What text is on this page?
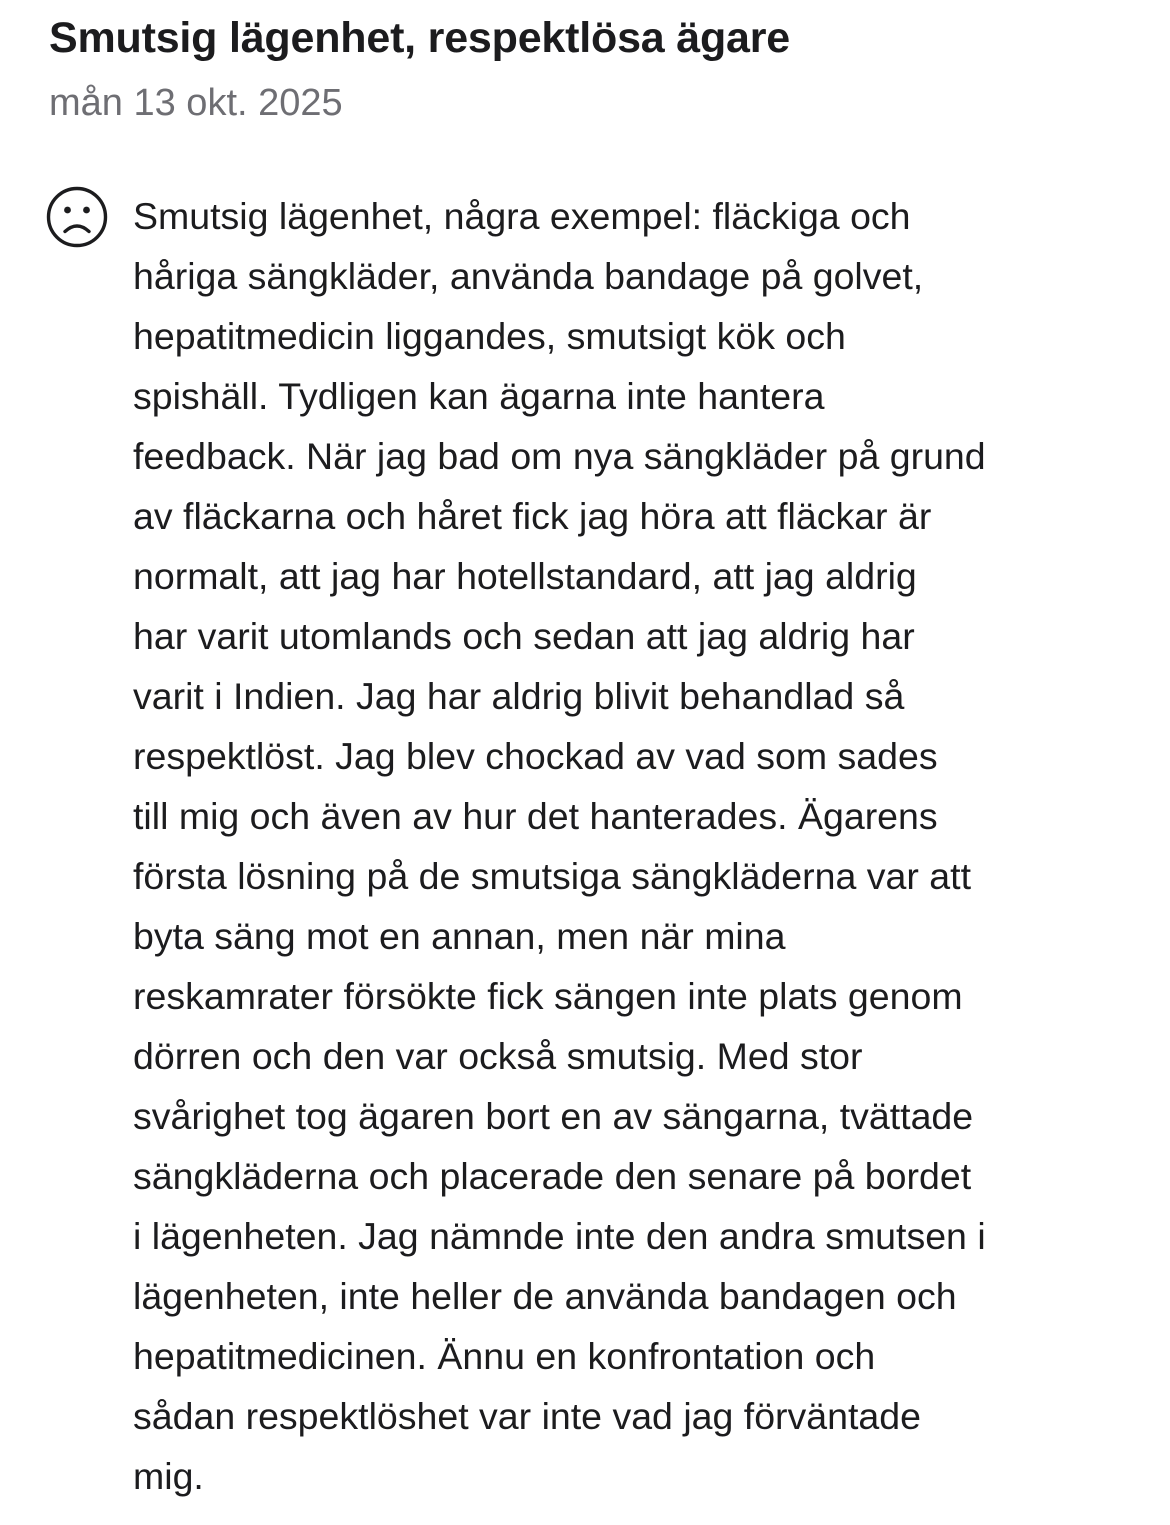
Smutsig lägenhet, respektlösa ägare
mån 13 okt. 2025
Smutsig lägenhet, några exempel: fläckiga och
håriga sängkläder, använda bandage på golvet,
hepatitmedicin liggandes, smutsigt kök och
spishäll. Tydligen kan ägarna inte hantera
feedback. När jag bad om nya sängkläder på grund
av fläckarna och håret fick jag höra att fläckar är
normalt, att jag har hotellstandard, att jag aldrig
har varit utomlands och sedan att jag aldrig har
varit i Indien. Jag har aldrig blivit behandlad så
respektlöst. Jag blev chockad av vad som sades
till mig och även av hur det hanterades. Ägarens
första lösning på de smutsiga sängkläderna var att
byta säng mot en annan, men när mina
reskamrater försökte fick sängen inte plats genom
dörren och den var också smutsig. Med stor
svårighet tog ägaren bort en av sängarna, tvättade
sängkläderna och placerade den senare på bordet
i lägenheten. Jag nämnde inte den andra smutsen i
lägenheten, inte heller de använda bandagen och
hepatitmedicinen. Ännu en konfrontation och
sådan respektlöshet var inte vad jag förväntade
mig.
